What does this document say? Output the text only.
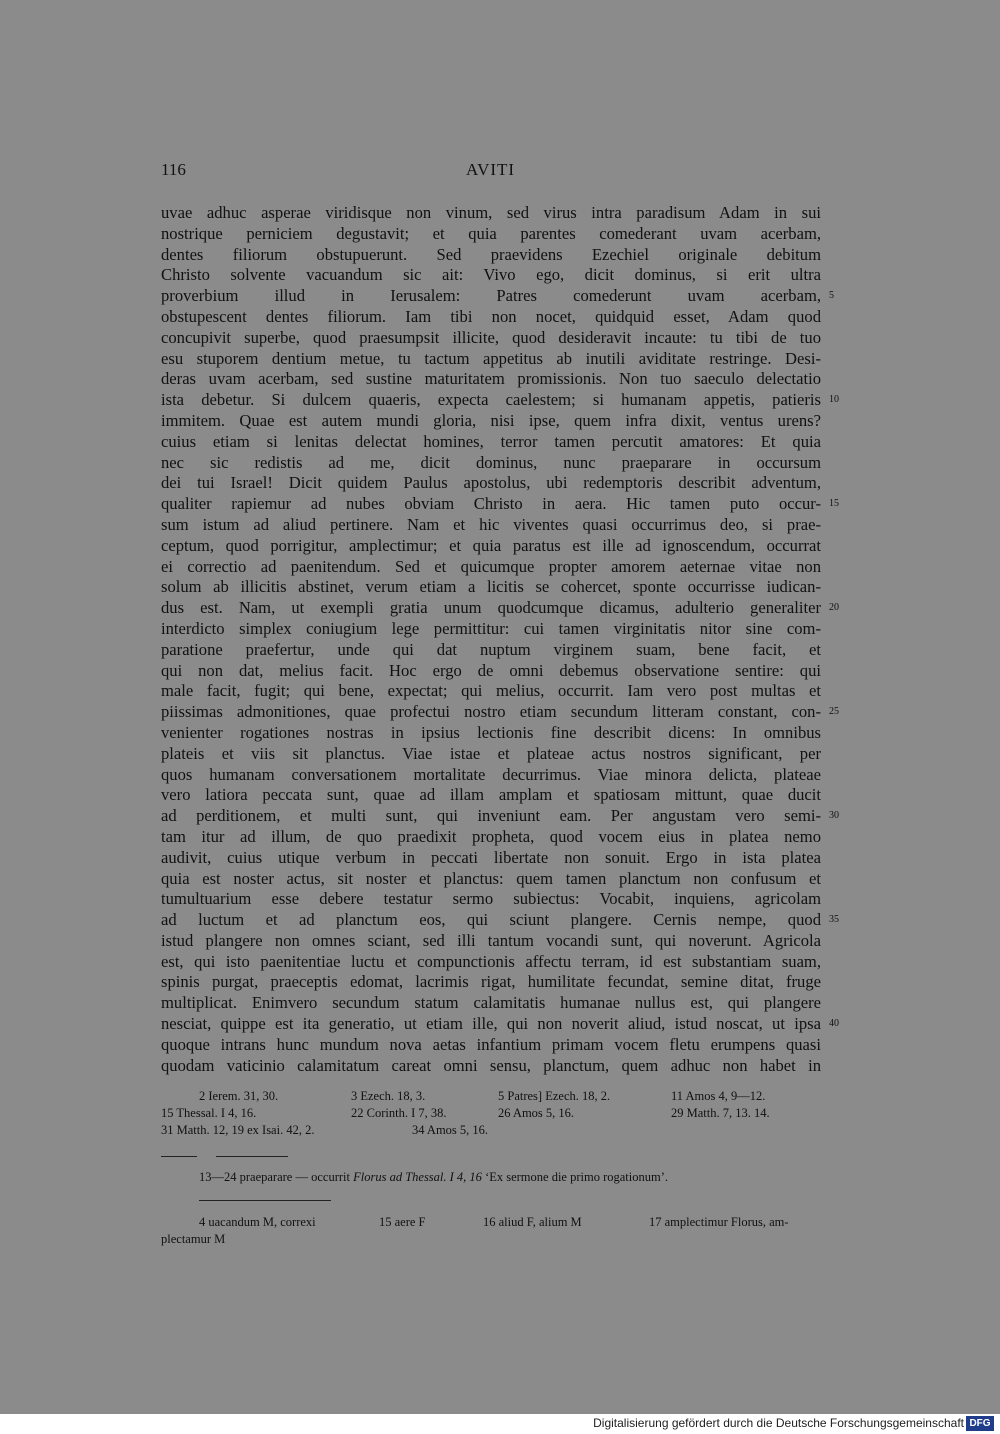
116	AVITI
uvae adhuc asperae viridisque non vinum, sed virus intra paradisum Adam in sui
nostrique perniciem degustavit; et quia parentes comederant uvam acerbam,
dentes filiorum obstupuerunt. Sed praevidens Ezechiel originale debitum
Christo solvente vacuandum sic ait: Vivo ego, dicit dominus, si erit ultra
proverbium illud in Ierusalem: Patres comederunt uvam acerbam, 5
obstupescent dentes filiorum. Iam tibi non nocet, quidquid esset, Adam quod
concupivit superbe, quod praesumpsit illicite, quod desideravit incaute: tu tibi de tuo
esu stuporem dentium metue, tu tactum appetitus ab inutili aviditate restringe. Desi-
deras uvam acerbam, sed sustine maturitatem promissionis. Non tuo saeculo delectatio
ista debetur. Si dulcem quaeris, expecta caelestem; si humanam appetis, patieris 10
immitem. Quae est autem mundi gloria, nisi ipse, quem infra dixit, ventus urens?
cuius etiam si lenitas delectat homines, terror tamen percutit amatores: Et quia
nec sic redistis ad me, dicit dominus, nunc praeparare in occursum
dei tui Israel! Dicit quidem Paulus apostolus, ubi redemptoris describit adventum,
qualiter rapiemur ad nubes obviam Christo in aera. Hic tamen puto occur- 15
sum istum ad aliud pertinere. Nam et hic viventes quasi occurrimus deo, si prae-
ceptum, quod porrigitur, amplectimur; et quia paratus est ille ad ignoscendum, occurrat
ei correctio ad paenitendum. Sed et quicumque propter amorem aeternae vitae non
solum ab illicitis abstinet, verum etiam a licitis se cohercet, sponte occurrisse iudican-
dus est. Nam, ut exempli gratia unum quodcumque dicamus, adulterio generaliter 20
interdicto simplex coniugium lege permittitur: cui tamen virginitatis nitor sine com-
paratione praefertur, unde qui dat nuptum virginem suam, bene facit, et
qui non dat, melius facit. Hoc ergo de omni debemus observatione sentire: qui
male facit, fugit; qui bene, expectat; qui melius, occurrit. Iam vero post multas et
piissimas admonitiones, quae profectui nostro etiam secundum litteram constant, con- 25
venienter rogationes nostras in ipsius lectionis fine describit dicens: In omnibus
plateis et viis sit planctus. Viae istae et plateae actus nostros significant, per
quos humanam conversationem mortalitate decurrimus. Viae minora delicta, plateae
vero latiora peccata sunt, quae ad illam amplam et spatiosam mittunt, quae ducit
ad perditionem, et multi sunt, qui inveniunt eam. Per angustam vero semi- 30
tam itur ad illum, de quo praedixit propheta, quod vocem eius in platea nemo
audivit, cuius utique verbum in peccati libertate non sonuit. Ergo in ista platea
quia est noster actus, sit noster et planctus: quem tamen planctum non confusum et
tumultuarium esse debere testatur sermo subiectus: Vocabit, inquiens, agricolam
ad luctum et ad planctum eos, qui sciunt plangere. Cernis nempe, quod 35
istud plangere non omnes sciant, sed illi tantum vocandi sunt, qui noverunt. Agricola
est, qui isto paenitentiae luctu et compunctionis affectu terram, id est substantiam suam,
spinis purgat, praeceptis edomat, lacrimis rigat, humilitate fecundat, semine ditat, fruge
multiplicat. Enimvero secundum statum calamitatis humanae nullus est, qui plangere
nesciat, quippe est ita generatio, ut etiam ille, qui non noverit aliud, istud noscat, ut ipsa 40
quoque intrans hunc mundum nova aetas infantium primam vocem fletu erumpens quasi
quodam vaticinio calamitatum careat omni sensu, planctum, quem adhuc non habet in
2 Ierem. 31, 30.	3 Ezech. 18, 3.	5 Patres] Ezech. 18, 2.	11 Amos 4, 9—12.
15 Thessal. I 4, 16.	22 Corinth. I 7, 38.	26 Amos 5, 16.	29 Matth. 7, 13. 14.
31 Matth. 12, 19 ex Isai. 42, 2.	34 Amos 5, 16.
13—24 praeparare — occurrit Florus ad Thessal. I 4, 16 ‘Ex sermone die primo rogationum’.
4 uacandum M, correxi	15 aere F	16 aliud F, alium M	17 amplectimur Florus, am-
plectamur M
Digitalisierung gefördert durch die Deutsche Forschungsgemeinschaft DFG
